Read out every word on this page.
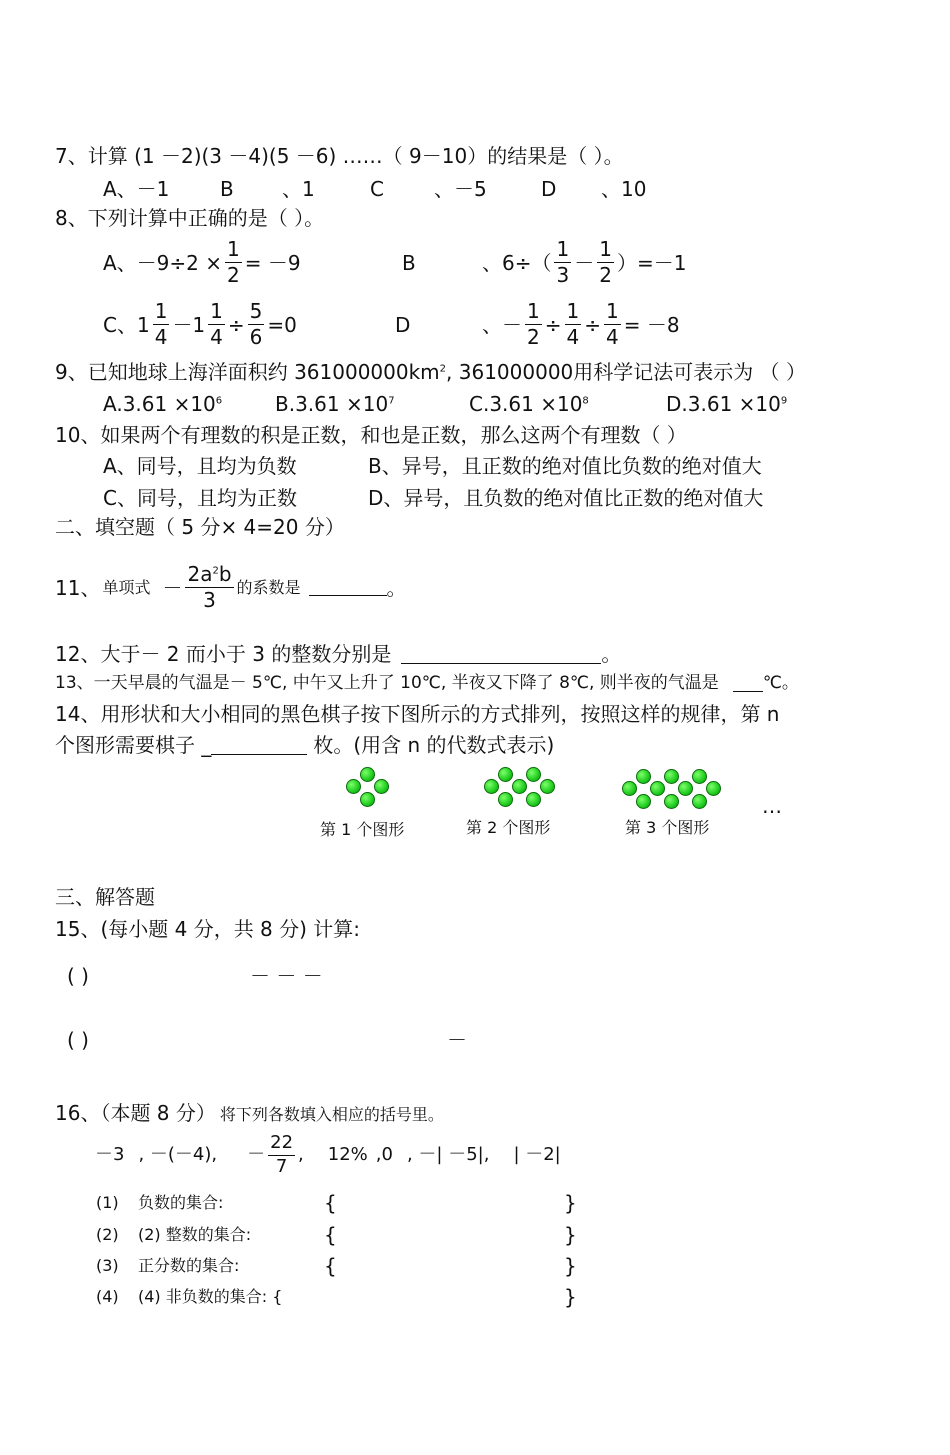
7、计算 (1 －2)(3 －4)(5 －6) ……（ 9－10）的结果是（ ）。
A、－1	B 、1	C	、－5	D 、10
8、下列计算中正确的是（ ）。
A、$-9\div 2 \times \frac{1}{2} = -9$	B	、$6\div( \frac{1}{3} - \frac{1}{2} )=-1$
C、$1 \frac{1}{4} -1 \frac{1}{4} \div \frac{5}{6} =0$	D	、－ $\frac{1}{2} \div \frac{1}{4} \div \frac{1}{4} = -8$
9、已知地球上海洋面积约 $361000000km^2$, 361000000用科学记法可表示为 （ ）
$A.3.61 \times 10^6$	$B.3.61 \times 10^7$	$C.3.61 \times 10^8$	$D.3.61 \times 10^9$
10、如果两个有理数的积是正数，和也是正数，那么这两个有理数（ ）
A、同号，且均为负数	B、异号，且正数的绝对值比负数的绝对值大
C、同号，且均为正数	D、异号，且负数的绝对值比正数的绝对值大
二、填空题（ 5 分× 4=20 分）
11、 单项式 － $\frac{2a^2b}{3}$ 的系数是	。
12、大于－ 2 而小于 3 的整数分别是	。
13、一天早晨的气温是－ 5℃, 中午又上升了 10℃, 半夜又下降了 8℃, 则半夜的气温是	℃。
14、用形状和大小相同的黑色棋子按下图所示的方式排列，按照这样的规律，第 n
个图形需要棋子 _	枚。(用含 n 的代数式表示)
…
第 1 个图形	第 2 个图形	第 3 个图形
三、解答题
15、(每小题 4 分，共 8 分) 计算:
( )	－ － －
( )	－
16、（本题 8 分） 将下列各数填入相应的括号里。
－3 , －(－4), － $\frac{22}{7}$ , 12% ,0 , －| －5|, | －2|
(1) 负数的集合:	{	}
(2) (2) 整数的集合:	{	}
(3) 正分数的集合:	{	}
(4) (4) 非负数的集合: {	}
